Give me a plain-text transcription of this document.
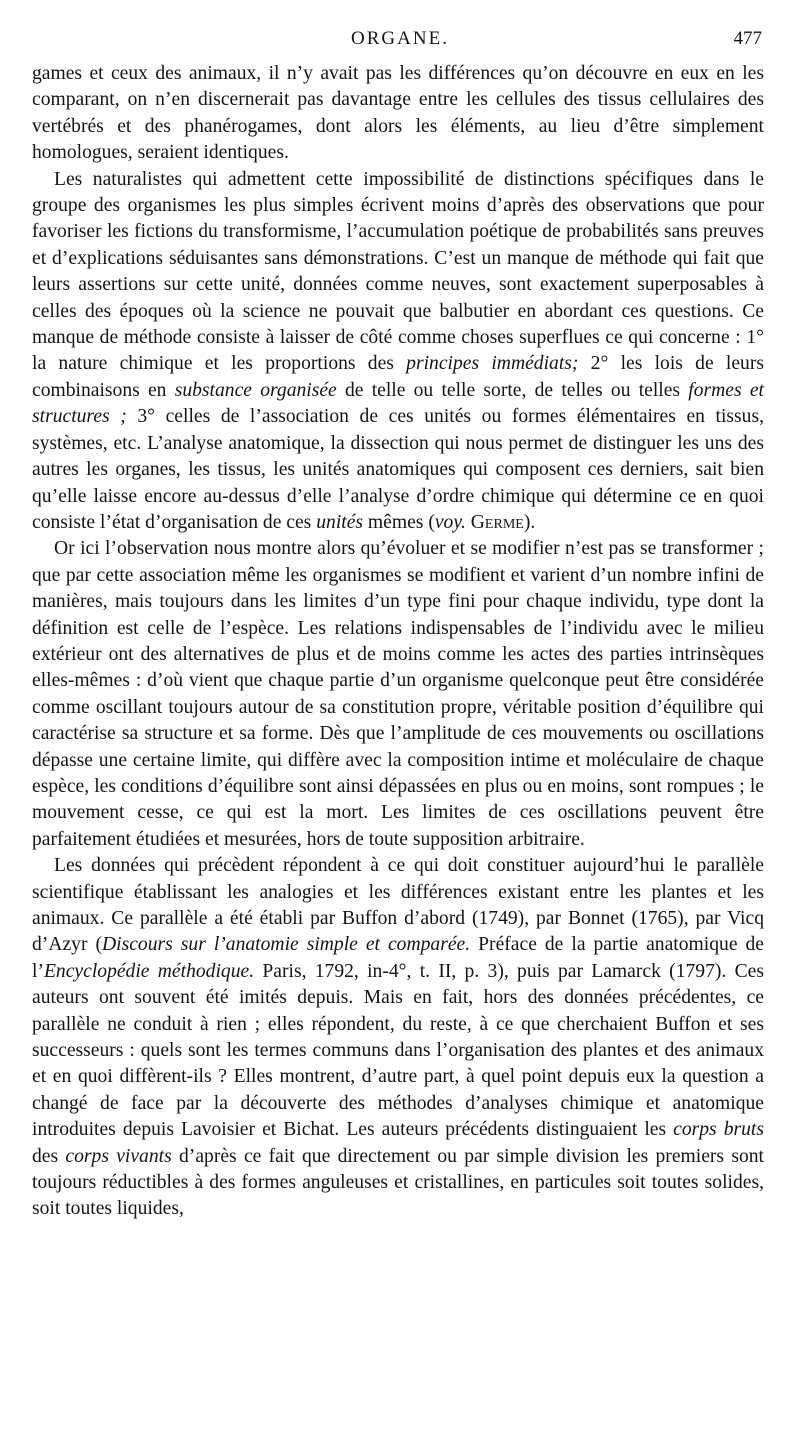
ORGANE.	477

games et ceux des animaux, il n’y avait pas les différences qu’on découvre en eux en les comparant, on n’en discernerait pas davantage entre les cellules des tissus cellulaires des vertébrés et des phanérogames, dont alors les éléments, au lieu d’être simplement homologues, seraient identiques.

Les naturalistes qui admettent cette impossibilité de distinctions spécifiques dans le groupe des organismes les plus simples écrivent moins d’après des observations que pour favoriser les fictions du transformisme, l’accumulation poétique de probabilités sans preuves et d’explications séduisantes sans démonstrations. C’est un manque de méthode qui fait que leurs assertions sur cette unité, données comme neuves, sont exactement superposables à celles des époques où la science ne pouvait que balbutier en abordant ces questions. Ce manque de méthode consiste à laisser de côté comme choses superflues ce qui concerne : 1° la nature chimique et les proportions des principes immédiats; 2° les lois de leurs combinaisons en substance organisée de telle ou telle sorte, de telles ou telles formes et structures ; 3° celles de l’association de ces unités ou formes élémentaires en tissus, systèmes, etc. L’analyse anatomique, la dissection qui nous permet de distinguer les uns des autres les organes, les tissus, les unités anatomiques qui composent ces derniers, sait bien qu’elle laisse encore au-dessus d’elle l’analyse d’ordre chimique qui détermine ce en quoi consiste l’état d’organisation de ces unités mêmes (voy. Germe).

Or ici l’observation nous montre alors qu’évoluer et se modifier n’est pas se transformer ; que par cette association même les organismes se modifient et varient d’un nombre infini de manières, mais toujours dans les limites d’un type fini pour chaque individu, type dont la définition est celle de l’espèce. Les relations indispensables de l’individu avec le milieu extérieur ont des alternatives de plus et de moins comme les actes des parties intrinsèques elles-mêmes : d’où vient que chaque partie d’un organisme quelconque peut être considérée comme oscillant toujours autour de sa constitution propre, véritable position d’équilibre qui caractérise sa structure et sa forme. Dès que l’amplitude de ces mouvements ou oscillations dépasse une certaine limite, qui diffère avec la composition intime et moléculaire de chaque espèce, les conditions d’équilibre sont ainsi dépassées en plus ou en moins, sont rompues ; le mouvement cesse, ce qui est la mort. Les limites de ces oscillations peuvent être parfaitement étudiées et mesurées, hors de toute supposition arbitraire.

Les données qui précèdent répondent à ce qui doit constituer aujourd’hui le parallèle scientifique établissant les analogies et les différences existant entre les plantes et les animaux. Ce parallèle a été établi par Buffon d’abord (1749), par Bonnet (1765), par Vicq d’Azyr (Discours sur l’anatomie simple et comparée. Préface de la partie anatomique de l’Encyclopédie méthodique. Paris, 1792, in-4°, t. II, p. 3), puis par Lamarck (1797). Ces auteurs ont souvent été imités depuis. Mais en fait, hors des données précédentes, ce parallèle ne conduit à rien ; elles répondent, du reste, à ce que cherchaient Buffon et ses successeurs : quels sont les termes communs dans l’organisation des plantes et des animaux et en quoi diffèrent-ils ? Elles montrent, d’autre part, à quel point depuis eux la question a changé de face par la découverte des méthodes d’analyses chimique et anatomique introduites depuis Lavoisier et Bichat. Les auteurs précédents distinguaient les corps bruts des corps vivants d’après ce fait que directement ou par simple division les premiers sont toujours réductibles à des formes anguleuses et cristallines, en particules soit toutes solides, soit toutes liquides,
